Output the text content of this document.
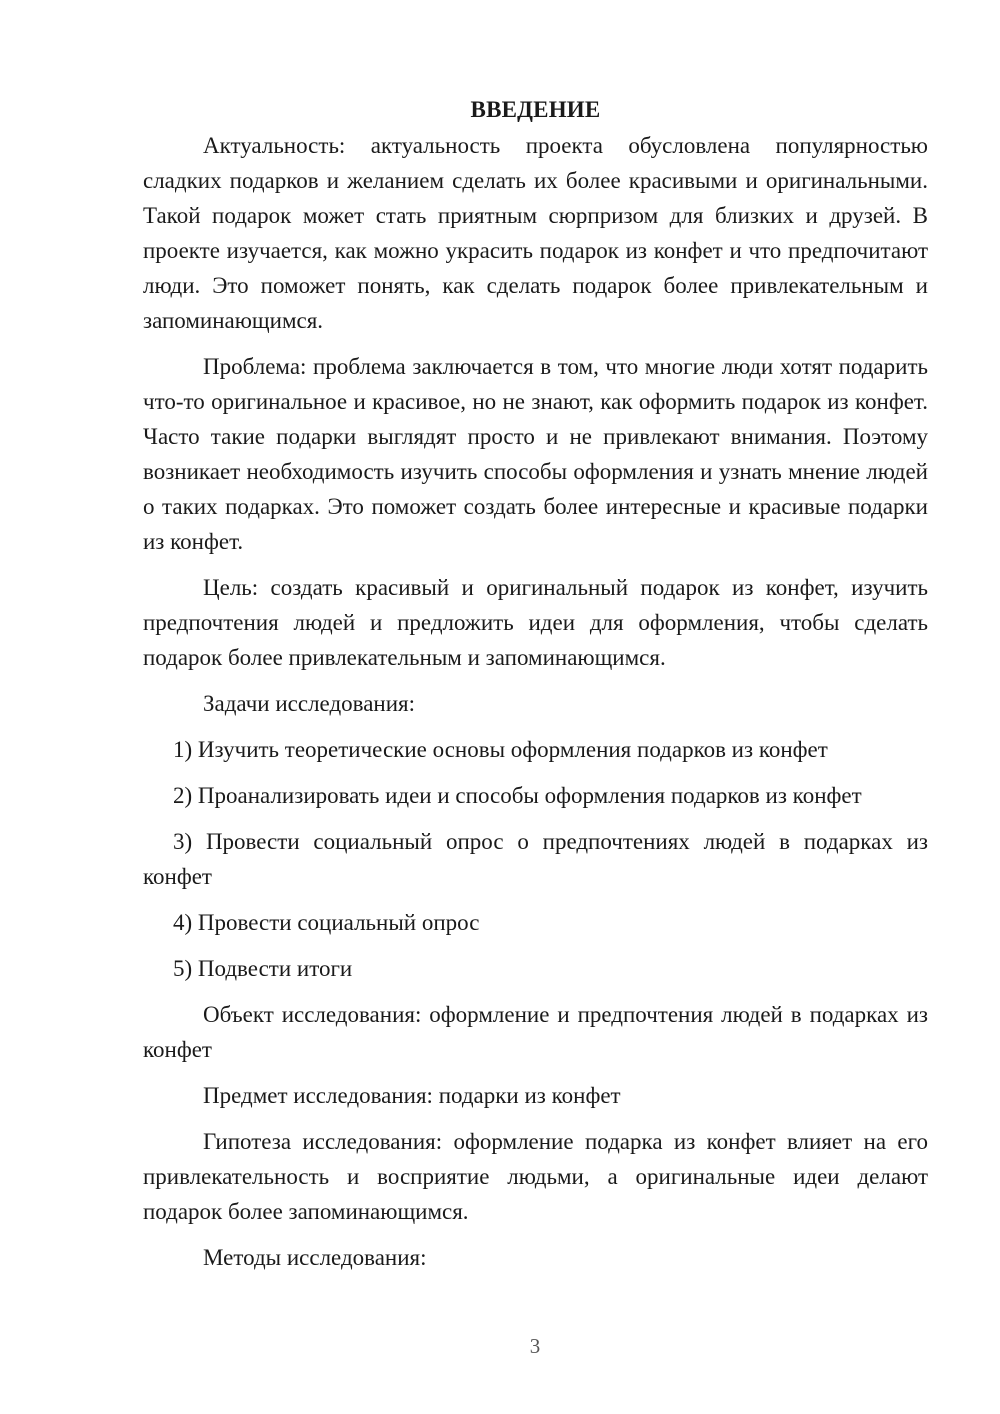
ВВЕДЕНИЕ

Актуальность: актуальность проекта обусловлена популярностью сладких подарков и желанием сделать их более красивыми и оригинальными. Такой подарок может стать приятным сюрпризом для близких и друзей. В проекте изучается, как можно украсить подарок из конфет и что предпочитают люди. Это поможет понять, как сделать подарок более привлекательным и запоминающимся.

Проблема: проблема заключается в том, что многие люди хотят подарить что-то оригинальное и красивое, но не знают, как оформить подарок из конфет. Часто такие подарки выглядят просто и не привлекают внимания. Поэтому возникает необходимость изучить способы оформления и узнать мнение людей о таких подарках. Это поможет создать более интересные и красивые подарки из конфет.

Цель: создать красивый и оригинальный подарок из конфет, изучить предпочтения людей и предложить идеи для оформления, чтобы сделать подарок более привлекательным и запоминающимся.

Задачи исследования:

1) Изучить теоретические основы оформления подарков из конфет

2) Проанализировать идеи и способы оформления подарков из конфет

3) Провести социальный опрос о предпочтениях людей в подарках из конфет

4) Провести социальный опрос

5) Подвести итоги

Объект исследования: оформление и предпочтения людей в подарках из конфет

Предмет исследования: подарки из конфет

Гипотеза исследования: оформление подарка из конфет влияет на его привлекательность и восприятие людьми, а оригинальные идеи делают подарок более запоминающимся.

Методы исследования:

3
